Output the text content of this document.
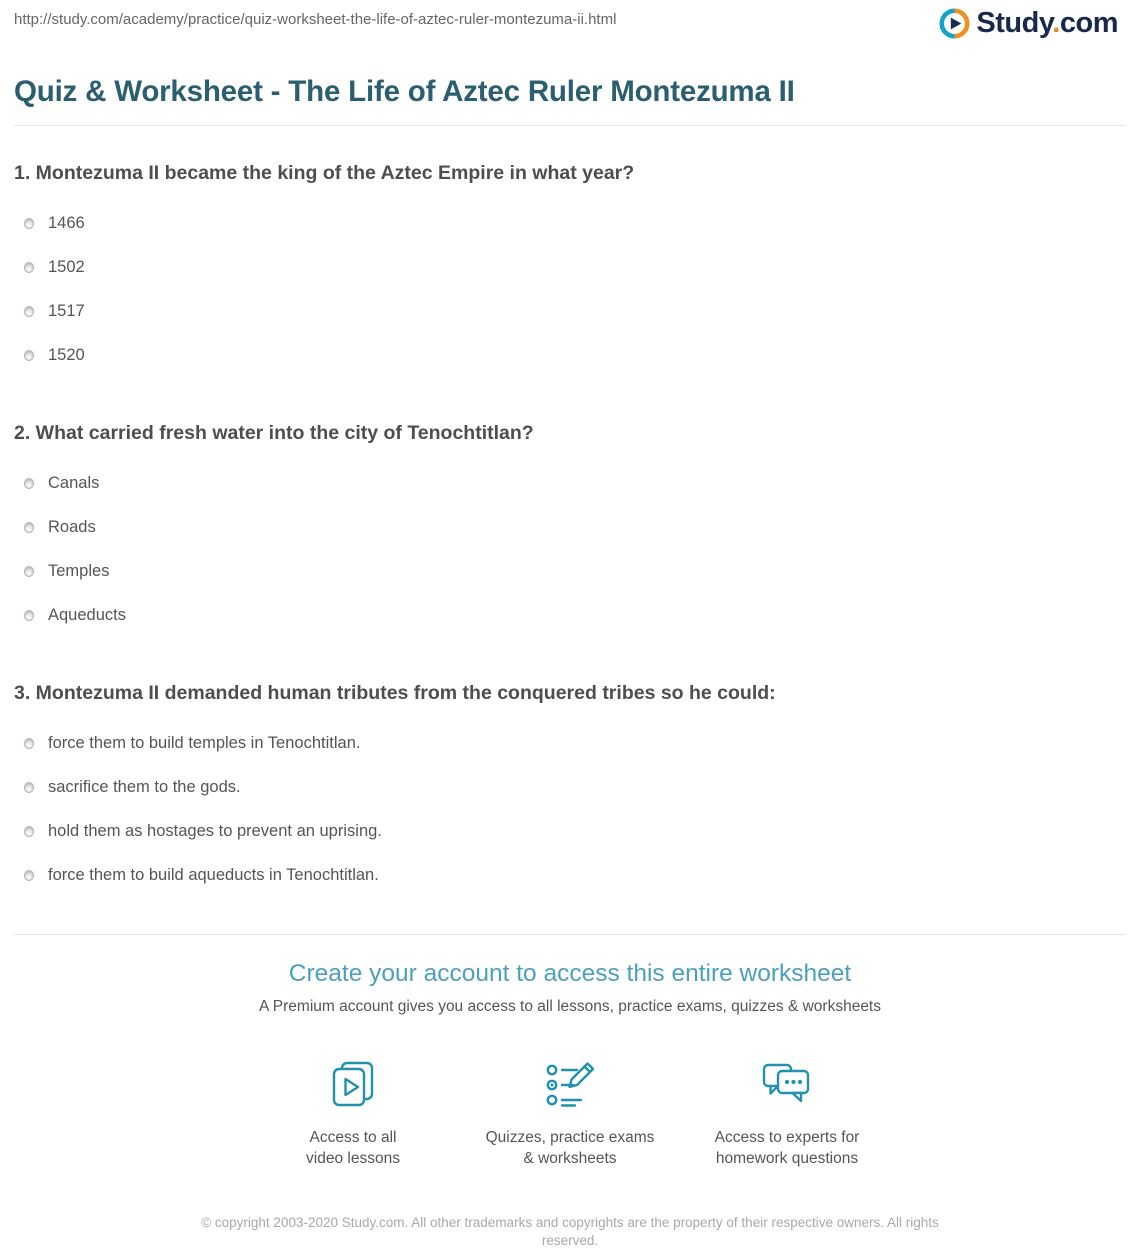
http://study.com/academy/practice/quiz-worksheet-the-life-of-aztec-ruler-montezuma-ii.html	Study.com
Quiz & Worksheet - The Life of Aztec Ruler Montezuma II
1. Montezuma II became the king of the Aztec Empire in what year?
1466
1502
1517
1520
2. What carried fresh water into the city of Tenochtitlan?
Canals
Roads
Temples
Aqueducts
3. Montezuma II demanded human tributes from the conquered tribes so he could:
force them to build temples in Tenochtitlan.
sacrifice them to the gods.
hold them as hostages to prevent an uprising.
force them to build aqueducts in Tenochtitlan.
Create your account to access this entire worksheet
A Premium account gives you access to all lessons, practice exams, quizzes & worksheets
Access to all
video lessons
Quizzes, practice exams
& worksheets
Access to experts for
homework questions
© copyright 2003-2020 Study.com. All other trademarks and copyrights are the property of their respective owners. All rights reserved.
